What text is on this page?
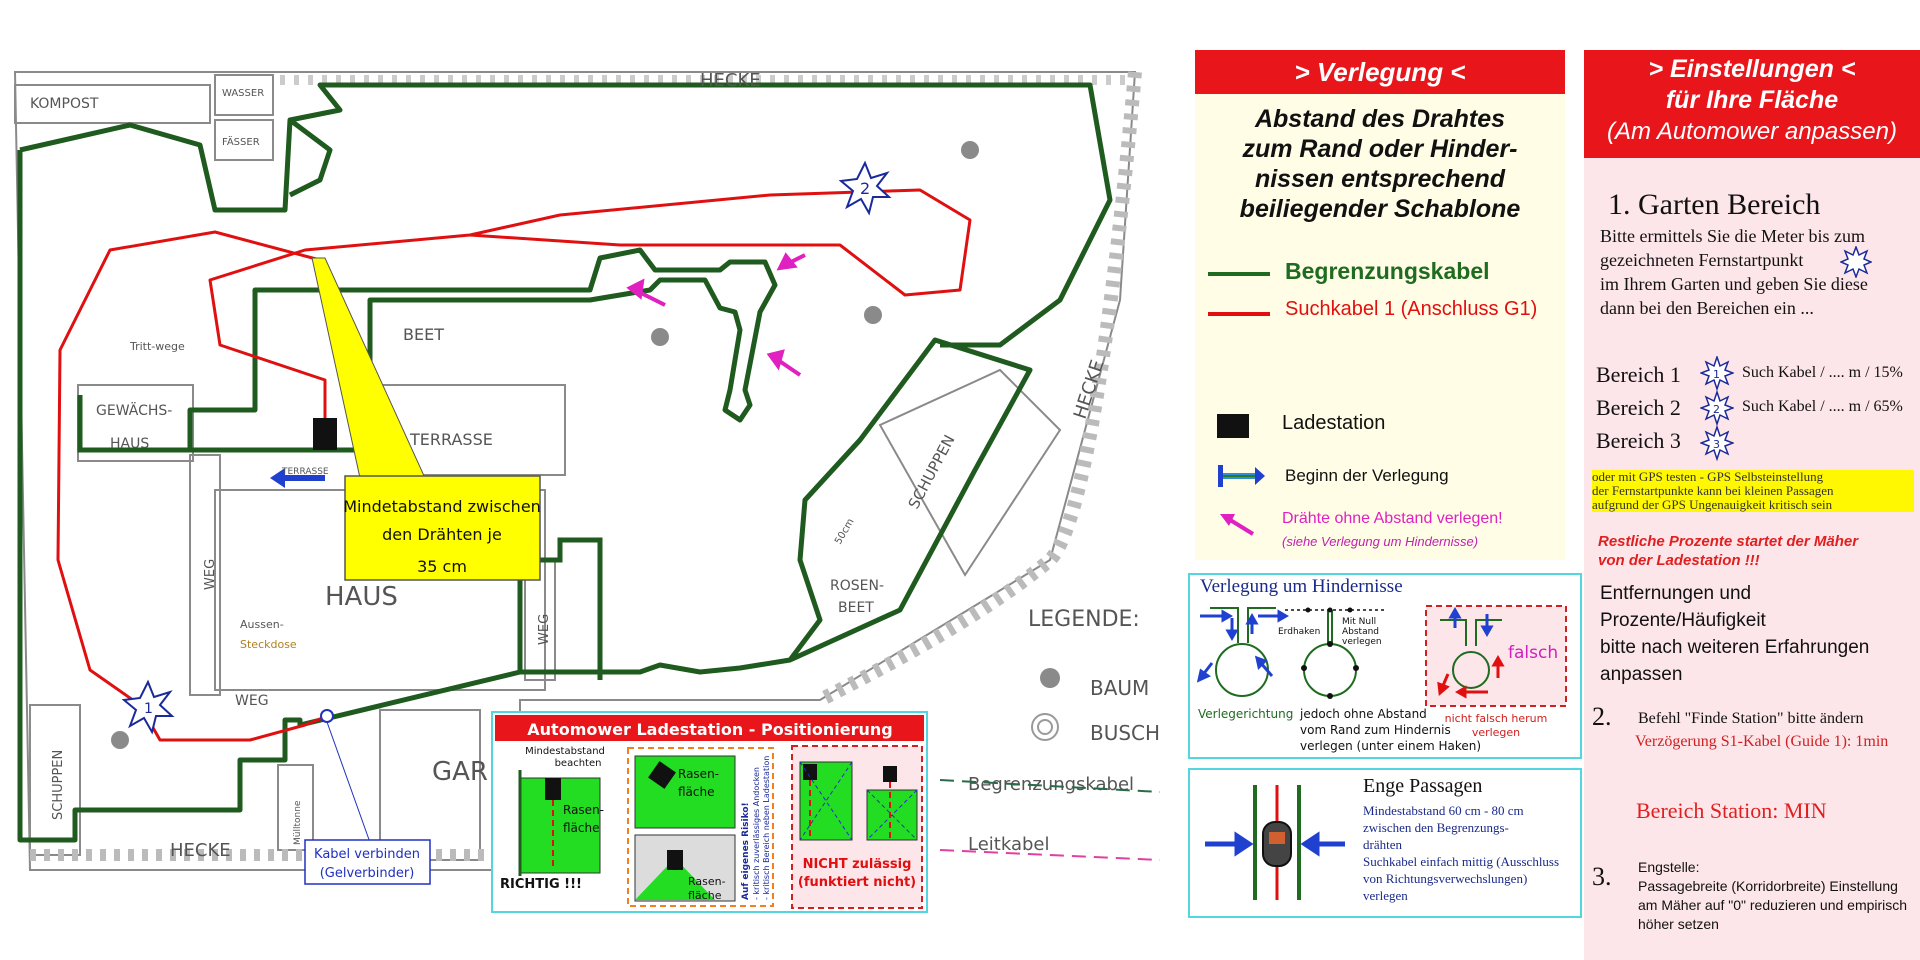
1
2
Mindetabstand zwischen
den Drähten je
35 cm
Kabel verbinden
(Gelverbinder)
KOMPOST
WASSER
FÄSSER
HECKE
BEET
Tritt-wege
GEWÄCHS-
HAUS	TERRASSE
HAUS
WEG
Aussen-
Steckdose
ROSEN-
BEET
GAR
LEGENDE:
BAUM
BUSCH
Begrenzungskabel
Leitkabel
HECKE
HECKE
SCHUPPEN
SCHUPPEN
WEG
WEG
Mülltonne
TERRASSE
50cm
Automower Ladestation - Positionierung
Mindestabstand
beachten
Rasen-
fläche
RICHTIG !!!
Rasen-
fläche
Rasen-
fläche Auf eigenes Risiko! - kritisch zuverlässiges Andocken - kritisch Bereich neben Ladestation NICHT zulässig
(funktiert nicht)
> Verlegung <
Abstand des Drahtes
zum Rand oder Hinder-
nissen entsprechend
beiliegender Schablone
Begrenzungskabel
Suchkabel 1 (Anschluss G1)
Ladestation
Beginn der Verlegung
Drähte ohne Abstand verlegen!
(siehe Verlegung um Hindernisse)
Verlegung um Hindernisse
Verlegerichtung
Erdhaken
Mit Null
Abstand
verlegen
jedoch ohne Abstand
vom Rand zum Hindernis
verlegen (unter einem Haken)
falsch
nicht falsch herum
verlegen
Enge Passagen
Mindestabstand 60 cm - 80 cm
zwischen den Begrenzungs-
drähten
Suchkabel einfach mittig (Ausschluss
von Richtungsverwechslungen) verlegen
> Einstellungen <
für Ihre Fläche
(Am Automower anpassen)
1. Garten Bereich
Bitte ermittels Sie die Meter bis zum
gezeichneten Fernstartpunkt
im Ihrem Garten und geben Sie diese
dann bei den Bereichen ein ...
Bereich 1
Bereich 2
Bereich 3
1
2
3
Such Kabel / .... m / 15%
Such Kabel / .... m / 65%
oder mit GPS testen - GPS Selbsteinstellung
der Fernstartpunkte kann bei kleinen Passagen
aufgrund der GPS Ungenauigkeit kritisch sein
Restliche Prozente startet der Mäher
von der Ladestation !!!
Entfernungen und Prozente/Häufigkeit
bitte nach weiteren Erfahrungen anpassen
2. Befehl "Finde Station" bitte ändern
Verzögerung S1-Kabel (Guide 1): 1min
Bereich Station: MIN
3. Engstelle:
Passagebreite (Korridorbreite) Einstellung
am Mäher auf "0" reduzieren und empirisch
höher setzen
